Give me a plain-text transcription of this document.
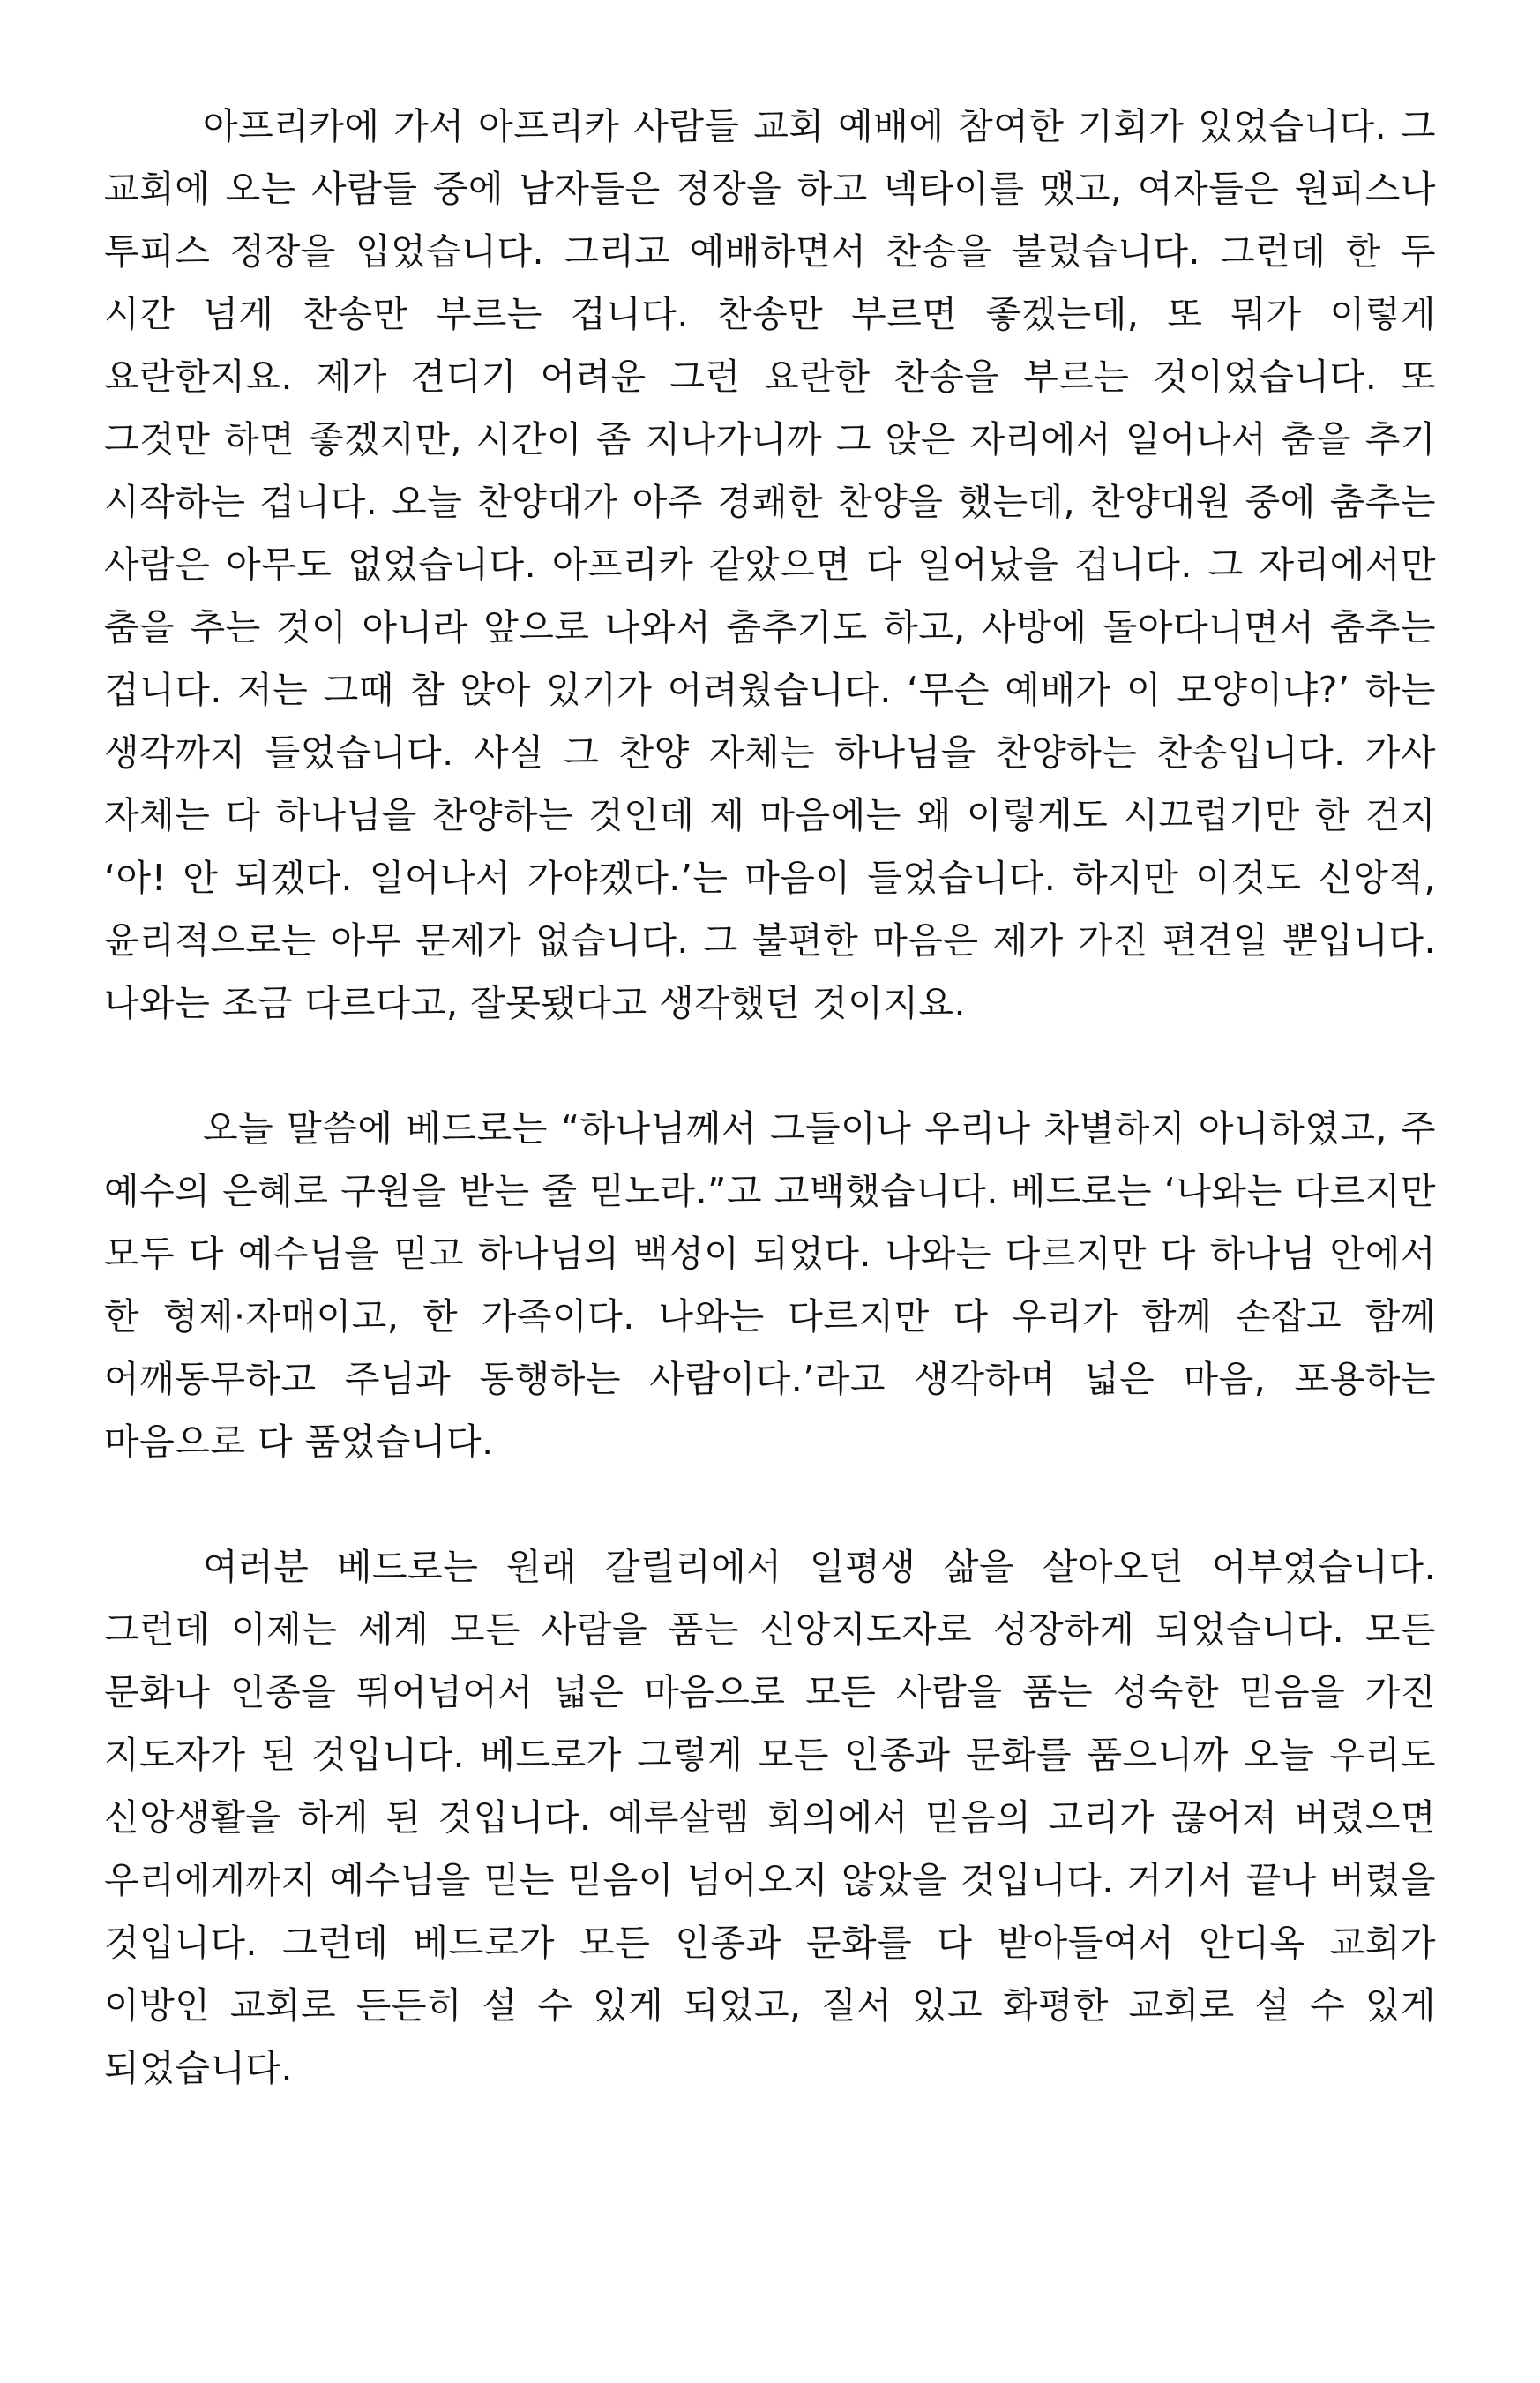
아프리카에 가서 아프리카 사람들 교회 예배에 참여한 기회가 있었습니다. 그 교회에 오는 사람들 중에 남자들은 정장을 하고 넥타이를 맸고, 여자들은 원피스나 투피스 정장을 입었습니다. 그리고 예배하면서 찬송을 불렀습니다. 그런데 한 두 시간 넘게 찬송만 부르는 겁니다. 찬송만 부르면 좋겠는데, 또 뭐가 이렇게 요란한지요. 제가 견디기 어려운 그런 요란한 찬송을 부르는 것이었습니다. 또 그것만 하면 좋겠지만, 시간이 좀 지나가니까 그 앉은 자리에서 일어나서 춤을 추기 시작하는 겁니다. 오늘 찬양대가 아주 경쾌한 찬양을 했는데, 찬양대원 중에 춤추는 사람은 아무도 없었습니다. 아프리카 같았으면 다 일어났을 겁니다. 그 자리에서만 춤을 추는 것이 아니라 앞으로 나와서 춤추기도 하고, 사방에 돌아다니면서 춤추는 겁니다. 저는 그때 참 앉아 있기가 어려웠습니다. ‘무슨 예배가 이 모양이냐?’ 하는 생각까지 들었습니다. 사실 그 찬양 자체는 하나님을 찬양하는 찬송입니다. 가사 자체는 다 하나님을 찬양하는 것인데 제 마음에는 왜 이렇게도 시끄럽기만 한 건지 ‘아! 안 되겠다. 일어나서 가야겠다.’는 마음이 들었습니다. 하지만 이것도 신앙적, 윤리적으로는 아무 문제가 없습니다. 그 불편한 마음은 제가 가진 편견일 뿐입니다. 나와는 조금 다르다고, 잘못됐다고 생각했던 것이지요.

오늘 말씀에 베드로는 “하나님께서 그들이나 우리나 차별하지 아니하였고, 주 예수의 은혜로 구원을 받는 줄 믿노라.”고 고백했습니다. 베드로는 ‘나와는 다르지만 모두 다 예수님을 믿고 하나님의 백성이 되었다. 나와는 다르지만 다 하나님 안에서 한 형제·자매이고, 한 가족이다. 나와는 다르지만 다 우리가 함께 손잡고 함께 어깨동무하고 주님과 동행하는 사람이다.’라고 생각하며 넓은 마음, 포용하는 마음으로 다 품었습니다.

여러분 베드로는 원래 갈릴리에서 일평생 삶을 살아오던 어부였습니다. 그런데 이제는 세계 모든 사람을 품는 신앙지도자로 성장하게 되었습니다. 모든 문화나 인종을 뛰어넘어서 넓은 마음으로 모든 사람을 품는 성숙한 믿음을 가진 지도자가 된 것입니다. 베드로가 그렇게 모든 인종과 문화를 품으니까 오늘 우리도 신앙생활을 하게 된 것입니다. 예루살렘 회의에서 믿음의 고리가 끊어져 버렸으면 우리에게까지 예수님을 믿는 믿음이 넘어오지 않았을 것입니다. 거기서 끝나 버렸을 것입니다. 그런데 베드로가 모든 인종과 문화를 다 받아들여서 안디옥 교회가 이방인 교회로 든든히 설 수 있게 되었고, 질서 있고 화평한 교회로 설 수 있게 되었습니다.
